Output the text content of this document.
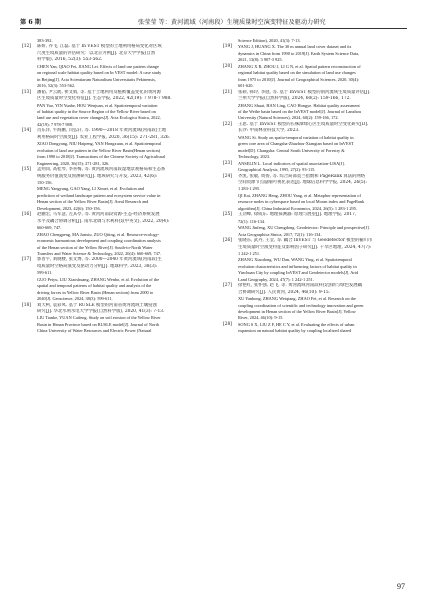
第 6 期	张莹莹 等：黄河流域（河南段）生境质量时空演变特征及驱动力研究
383-392.
[12] 陈妍, 乔飞, 江磊. 基于 In VEST 模型的土地利用格局变化对区域
尺度生境质量的评估研究：以北京为例[J]. 北京大学学报(自然
科学版), 2016, 52(3): 553-562.
CHEN Yan, QIAO Fei, JIANG Lei. Effects of land use pattern change
on regional scale habitat quality based on In VEST model: A case study
in Beijing[J]. Acta Scientiarum Naturalium Universitatis Pekinensis,
2016, 52(3): 553-562.
[13] 潘韬, 尹云鹤, 侯文娟, 等. 基于土地利用及植被覆盖变化的黄河源
区生境质量时空变化特征[J]. 生态学报, 2022, 42(19): 7 978-7 988.
PAN Yao, YIN Yunhe, HOU Wenjuan, et al. Spatiotemporal variation
of habitat quality in the Source Region of the Yellow River based on
land use and vegetation cover changes[J]. Acta Ecologica Sinica, 2022,
42(19): 7 978-7 988.
[14] 肖东洋, 牛海鹏, 闫弘轩, 等. 1990—2018 年黄河流域(河南段)土地
利用格局时空演变[J]. 农业工程学报, 2020, 36(15): 271-281, 326.
XIAO Dongyang, NIU Haipeng, YAN Hongxuan, et al. Spatiotemporal
evolution of land use pattern in the Yellow River Basin(Henan section)
from 1990 to 2018[J]. Transactions of the Chinese Society of Agricultural
Engineering, 2020, 36(15): 271-281, 326.
[15] 孟则闵, 高桂琴, 李喜梅, 等. 黄河流域河南段湿地景观格局和生态系
统服务价值演变及预测研究[J]. 地域研究与开发, 2023, 42(6):
150-156.
MENG Yangyang, GAO Yang, LI Ximei, et al. Evolution and
prediction of wetland landscape pattern and ecosystem service value in
Henan section of the Yellow River Basin[J]. Areal Research and
Development, 2023, 42(6): 150-156.
[16] 赵鹏宏, 马军慧, 左其亭, 等. 黄河河南段资源-生态-经济系统发展
水平及耦合协调分析[J]. 南水北调与水利科技(中英文), 2022, 20(4):
660-669, 747.
ZHAO Chengpeng, MA Junxiu, ZUO Qiting, et al. Resource-ecology-
economic harmonious development and coupling coordination analysis
of the Henan section of the Yellow River[J]. South-to-North Water
Transfers and Water Science & Technology, 2022, 20(4): 660-669, 747.
[17] 郭普宇, 刘晓楼, 张文博, 等. 2000—2040 年黄河流域(河南段)生
境质量时空格局演变及驱动力分析[J]. 地球科学, 2023, 38(3):
599-611.
GUO Peiyu, LIU Xiaoshuang, ZHANG Wenbo, et al. Evolution of the
spatial and temporal patterns of habitat quality and analysis of the
driving forces in Yellow River Basin (Henan section) from 2000 to
2040[J]. Geoscience, 2024, 38(3): 599-611.
[18] 刘天柯, 袁彩凤. 基于 RUSLE 模型的河南省黄河流域土壤侵蚀
研究[J]. 华北水利水电大学学报(自然科学版), 2020, 41(3): 7-13.
LIU Tianke, YUAN Caifeng. Study on soil erosion of the Yellow River
Basin in Henan Province based on RUSLE model[J]. Journal of North
China University of Water Resources and Electric Power (Natural
Science Edition), 2020, 41(3): 7-13.
[19] YANG J, HUANG X. The 30 m annual land cover dataset and its
dynamics in China from 1990 to 2019[J]. Earth System Science Data,
2021, 13(8): 3 907-3 925.
[20] ZHANG X R, ZHOU J, LI G N, et al. Spatial pattern reconstruction of
regional habitat quality based on the simulation of land use changes
from 1975 to 2010[J]. Journal of Geographical Sciences, 2020, 30(4):
601-620.
[21] 张硕, 韩玲, 李庭, 等. 基于 InVEST 模型的渭河流域生境质量评估[J].
兰州大学学报(自然科学版), 2024, 60(2): 159-166, 172.
ZHANG Shuai, HAN Ling, CAO Hongye. Habitat quality assessment
of the Weihe basin based on the InVEST model[J]. Journal of Lanzhou
University (Natural Sciences), 2024, 60(2): 159-166, 172.
[22] 王思. 基于 InVEST 模型的长株潭绿心区生境质量时空变化研究[D].
长沙: 中南林业科技大学, 2023.
WANG Si. Study on spatio-temporal variation of habitat quality in
green core area of Changsha-Zhuzhou-Xiangtan based on InVEST
model[D]. Changsha: Central South University of Forestry &
Technology, 2023.
[23] ANSELIN L. Local indicators of spatial association-LISA[J].
Geographical Analysis, 1995, 27(2): 93-115.
[24] 齐凯, 张敏, 周扬, 等. 综合局部莫兰指数和 PageRank 算法的网络
空间资源节点隐喻可视化表达[J]. 地球信息科学学报, 2024, 26(5):
1 283-1 295.
QI Kai, ZHANG Heng, ZHOU Yang, et al. Metaphor representation of
resource nodes in cyberspace based on local Moran index and PageRank
algorithm[J]. China Industrial Economics, 2024, 26(5): 1 283-1 295.
[25] 王劲峰, 徐成东. 地理探测器: 原理与展望[J]. 地理学报, 2017,
72(1): 116-134.
WANG Jinfeng, XU Chengdong. Geodetector: Principle and prospective[J].
Acta Geographica Sinica, 2017, 72(1): 116-134.
[26] 张晓东, 武丹, 王莹, 等. 耦合 InVEST 与 Geodetector 模型的榆川市
生境质量时空演变特征及影响因子研究[J]. 干旱区地理, 2024, 47(7):
1 242-1 251.
ZHANG Xiaodong, WU Dan, WANG Ying, et al. Spatiotemporal
evolution characteristics and influencing factors of habitat quality in
Yinchuan City by coupling InVEST and Geodetector models[J]. Arid
Land Geography, 2024, 47(7): 1 242-1 251.
[27] 徐艳红, 张怀强, 赵飞, 等. 黄河流域河南段科技创新与绿色发展耦
合协调研究[J]. 人民黄河, 2024, 46(10): 9-15.
XU Yanhong, ZHANG Weiqiang, ZHAO Fei, et al. Research on the
coupling coordination of scientific and technology innovation and green
development in Henan section of the Yellow River Basin[J]. Yellow
River, 2024, 46(10): 9-15.
[28] SONG S X, LIU Z F, HE C Y, et al. Evaluating the effects of urban
expansion on natural habitat quality by coupling localized shared
97
